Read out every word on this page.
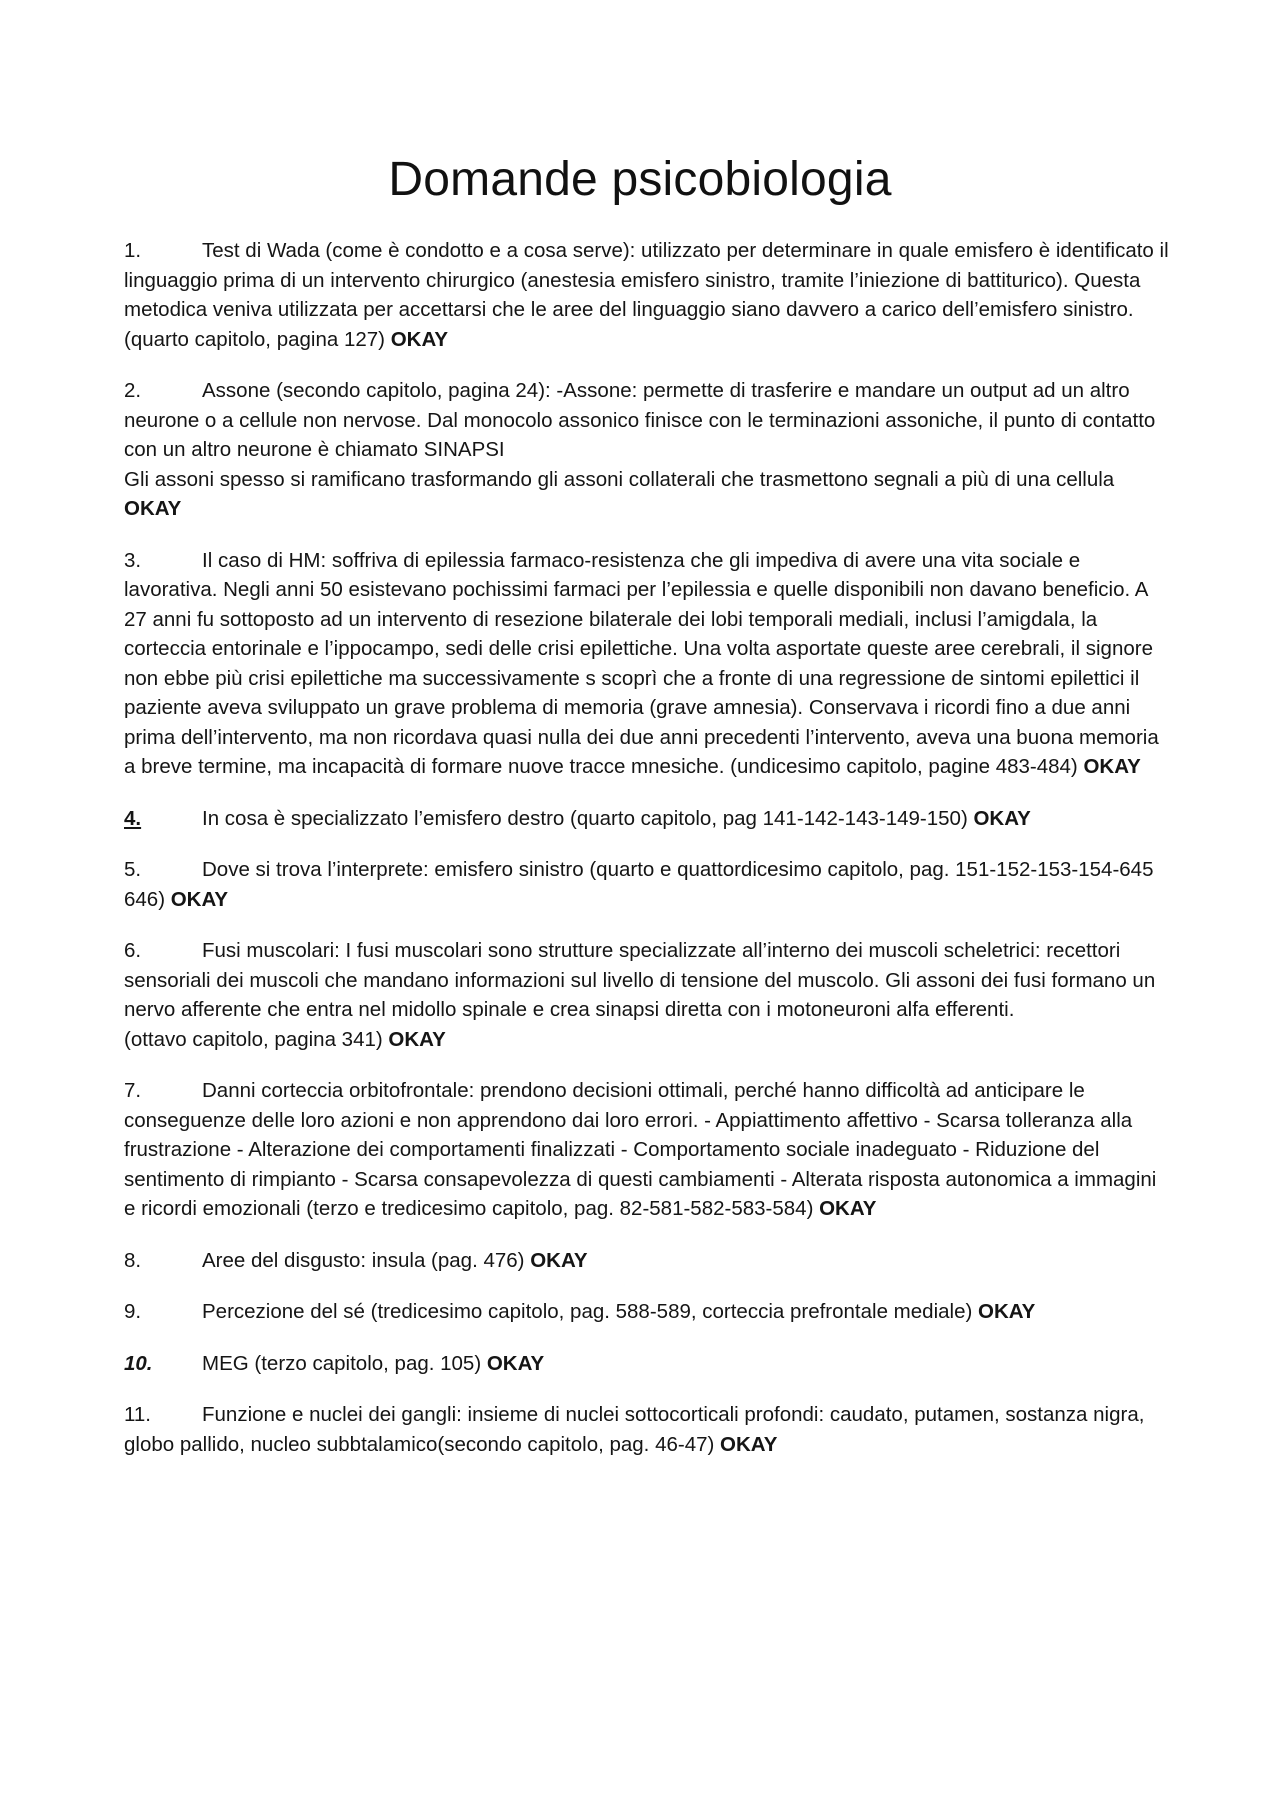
Domande psicobiologia
1.	Test di Wada (come è condotto e a cosa serve): utilizzato per determinare in quale emisfero è identificato il linguaggio prima di un intervento chirurgico (anestesia emisfero sinistro, tramite l’iniezione di battiturico). Questa metodica veniva utilizzata per accettarsi che le aree del linguaggio siano davvero a carico dell’emisfero sinistro. (quarto capitolo, pagina 127) OKAY
2.	Assone (secondo capitolo, pagina 24): -Assone: permette di trasferire e mandare un output ad un altro neurone o a cellule non nervose. Dal monocolo assonico finisce con le terminazioni assoniche, il punto di contatto con un altro neurone è chiamato SINAPSI
Gli assoni spesso si ramificano trasformando gli assoni collaterali che trasmettono segnali a più di una cellula OKAY
3.	Il caso di HM: soffriva di epilessia farmaco-resistenza che gli impediva di avere una vita sociale e lavorativa. Negli anni 50 esistevano pochissimi farmaci per l’epilessia e quelle disponibili non davano beneficio. A 27 anni fu sottoposto ad un intervento di resezione bilaterale dei lobi temporali mediali, inclusi l’amigdala, la corteccia entorinale e l’ippocampo, sedi delle crisi epilettiche. Una volta asportate queste aree cerebrali, il signore non ebbe più crisi epilettiche ma successivamente s scoprì che a fronte di una regressione de sintomi epilettici il paziente aveva sviluppato un grave problema di memoria (grave amnesia). Conservava i ricordi fino a due anni prima dell’intervento, ma non ricordava quasi nulla dei due anni precedenti l’intervento, aveva una buona memoria a breve termine, ma incapacità di formare nuove tracce mnesiche. (undicesimo capitolo, pagine 483-484) OKAY
4.	In cosa è specializzato l’emisfero destro (quarto capitolo, pag 141-142-143-149-150) OKAY
5.	Dove si trova l’interprete: emisfero sinistro (quarto e quattordicesimo capitolo, pag. 151-152-153-154-645 646) OKAY
6.	Fusi muscolari: I fusi muscolari sono strutture specializzate all’interno dei muscoli scheletrici: recettori sensoriali dei muscoli che mandano informazioni sul livello di tensione del muscolo. Gli assoni dei fusi formano un nervo afferente che entra nel midollo spinale e crea sinapsi diretta con i motoneuroni alfa efferenti.
(ottavo capitolo, pagina 341) OKAY
7.	Danni corteccia orbitofrontale: prendono decisioni ottimali, perché hanno difficoltà ad anticipare le conseguenze delle loro azioni e non apprendono dai loro errori. - Appiattimento affettivo - Scarsa tolleranza alla frustrazione - Alterazione dei comportamenti finalizzati - Comportamento sociale inadeguato - Riduzione del sentimento di rimpianto - Scarsa consapevolezza di questi cambiamenti - Alterata risposta autonomica a immagini e ricordi emozionali (terzo e tredicesimo capitolo, pag. 82-581-582-583-584) OKAY
8.	Aree del disgusto: insula (pag. 476) OKAY
9.	Percezione del sé (tredicesimo capitolo, pag. 588-589, corteccia prefrontale mediale) OKAY
10. MEG (terzo capitolo, pag. 105) OKAY
11. Funzione e nuclei dei gangli: insieme di nuclei sottocorticali profondi: caudato, putamen, sostanza nigra, globo pallido, nucleo subbtalamico(secondo capitolo, pag. 46-47) OKAY
